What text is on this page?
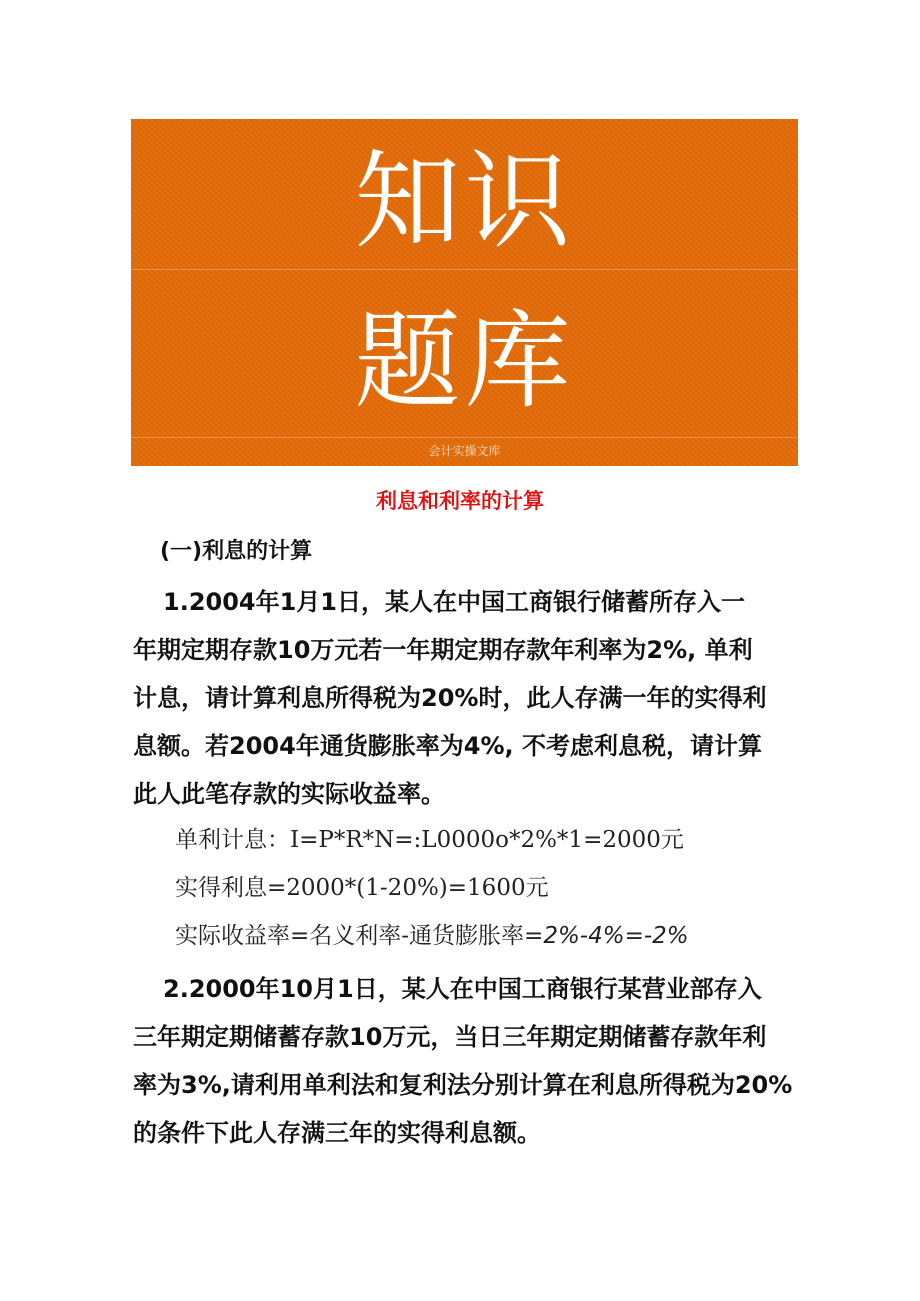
知识
题库
会计实操文库
利息和利率的计算
(一)利息的计算
1.2004年1月1日，某人在中国工商银行储蓄所存入一
年期定期存款10万元若一年期定期存款年利率为2%, 单利
计息，请计算利息所得税为20%时，此人存满一年的实得利
息额。若2004年通货膨胀率为4%, 不考虑利息税，请计算
此人此笔存款的实际收益率。
单利计息：I=P*R*N=:L0000o*2%*1=2000元
实得利息=2000*(1-20%)=1600元
实际收益率=名义利率-通货膨胀率=2%-4%=-2%
2.2000年10月1日，某人在中国工商银行某营业部存入
三年期定期储蓄存款10万元，当日三年期定期储蓄存款年利
率为3%,请利用单利法和复利法分别计算在利息所得税为20%
的条件下此人存满三年的实得利息额。
